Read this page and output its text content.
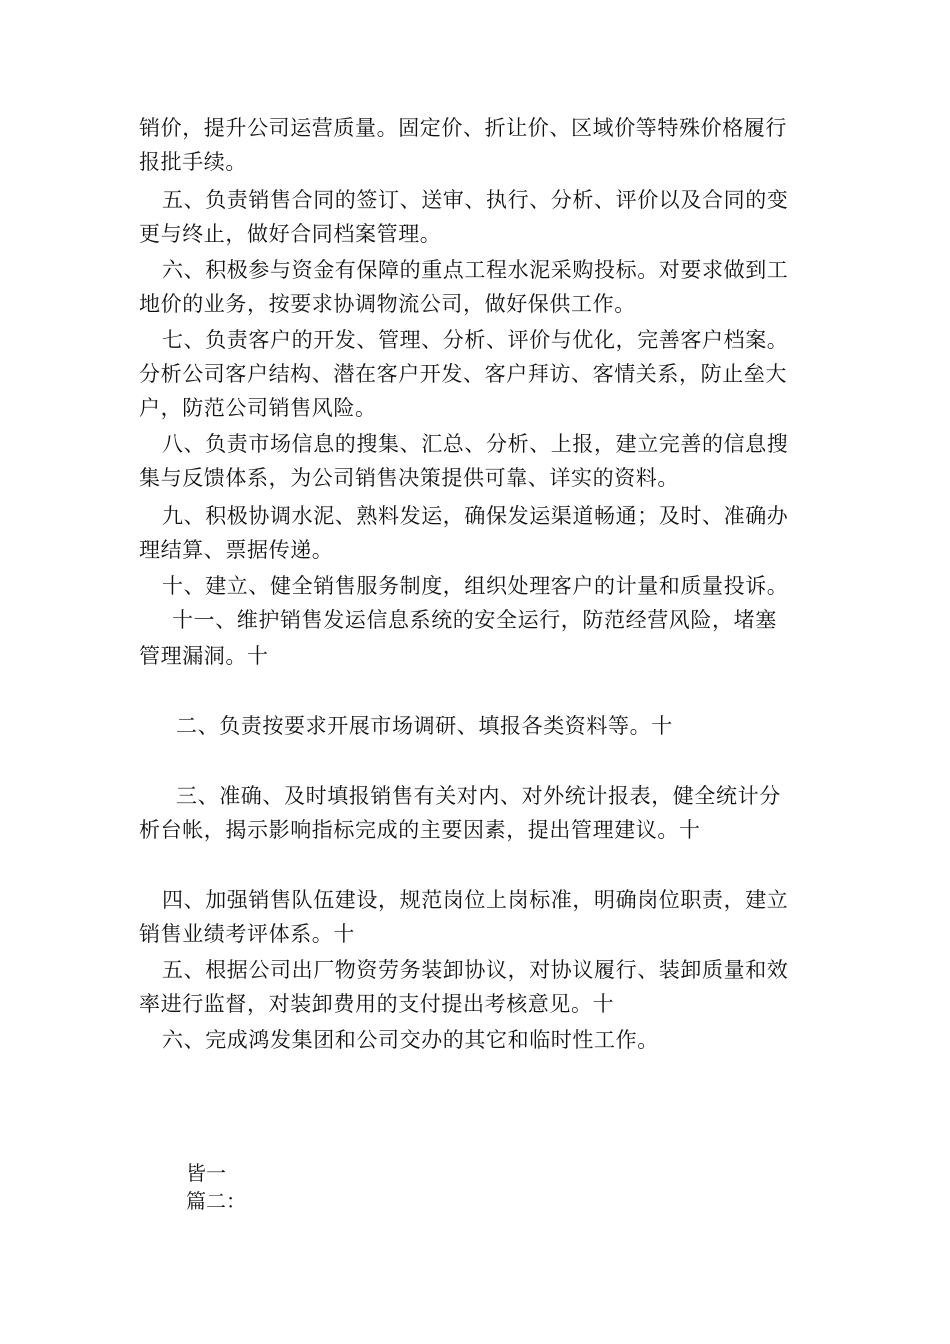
销价，提升公司运营质量。固定价、折让价、区域价等特殊价格履行
报批手续。
五、负责销售合同的签订、送审、执行、分析、评价以及合同的变
更与终止，做好合同档案管理。
六、积极参与资金有保障的重点工程水泥采购投标。对要求做到工
地价的业务，按要求协调物流公司，做好保供工作。
七、负责客户的开发、管理、分析、评价与优化，完善客户档案。
分析公司客户结构、潜在客户开发、客户拜访、客情关系，防止垒大
户，防范公司销售风险。
八、负责市场信息的搜集、汇总、分析、上报，建立完善的信息搜
集与反馈体系，为公司销售决策提供可靠、详实的资料。
九、积极协调水泥、熟料发运，确保发运渠道畅通；及时、准确办
理结算、票据传递。
十、建立、健全销售服务制度，组织处理客户的计量和质量投诉。
十一、维护销售发运信息系统的安全运行，防范经营风险，堵塞
管理漏洞。十
二、负责按要求开展市场调研、填报各类资料等。十
三、准确、及时填报销售有关对内、对外统计报表，健全统计分
析台帐，揭示影响指标完成的主要因素，提出管理建议。十
四、加强销售队伍建设，规范岗位上岗标准，明确岗位职责，建立
销售业绩考评体系。十
五、根据公司出厂物资劳务装卸协议，对协议履行、装卸质量和效
率进行监督，对装卸费用的支付提出考核意见。十
六、完成鸿发集团和公司交办的其它和临时性工作。
皆一
篇二：
